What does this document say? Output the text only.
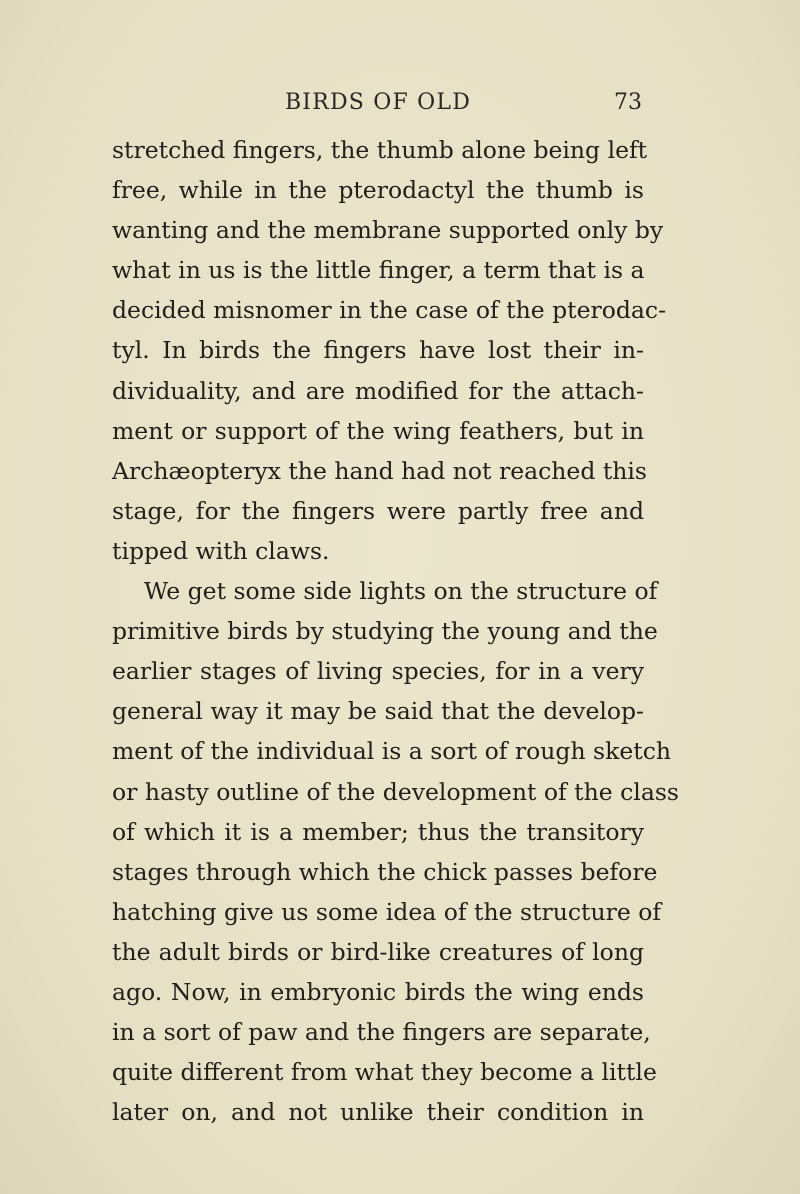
BIRDS OF OLD	73
stretched fingers, the thumb alone being left
free, while in the pterodactyl the thumb is
wanting and the membrane supported only by
what in us is the little finger, a term that is a
decided misnomer in the case of the pterodac-
tyl. In birds the fingers have lost their in-
dividuality, and are modified for the attach-
ment or support of the wing feathers, but in
Archæopteryx the hand had not reached this
stage, for the fingers were partly free and
tipped with claws.
We get some side lights on the structure of
primitive birds by studying the young and the
earlier stages of living species, for in a very
general way it may be said that the develop-
ment of the individual is a sort of rough sketch
or hasty outline of the development of the class
of which it is a member; thus the transitory
stages through which the chick passes before
hatching give us some idea of the structure of
the adult birds or bird-like creatures of long
ago. Now, in embryonic birds the wing ends
in a sort of paw and the fingers are separate,
quite different from what they become a little
later on, and not unlike their condition in
